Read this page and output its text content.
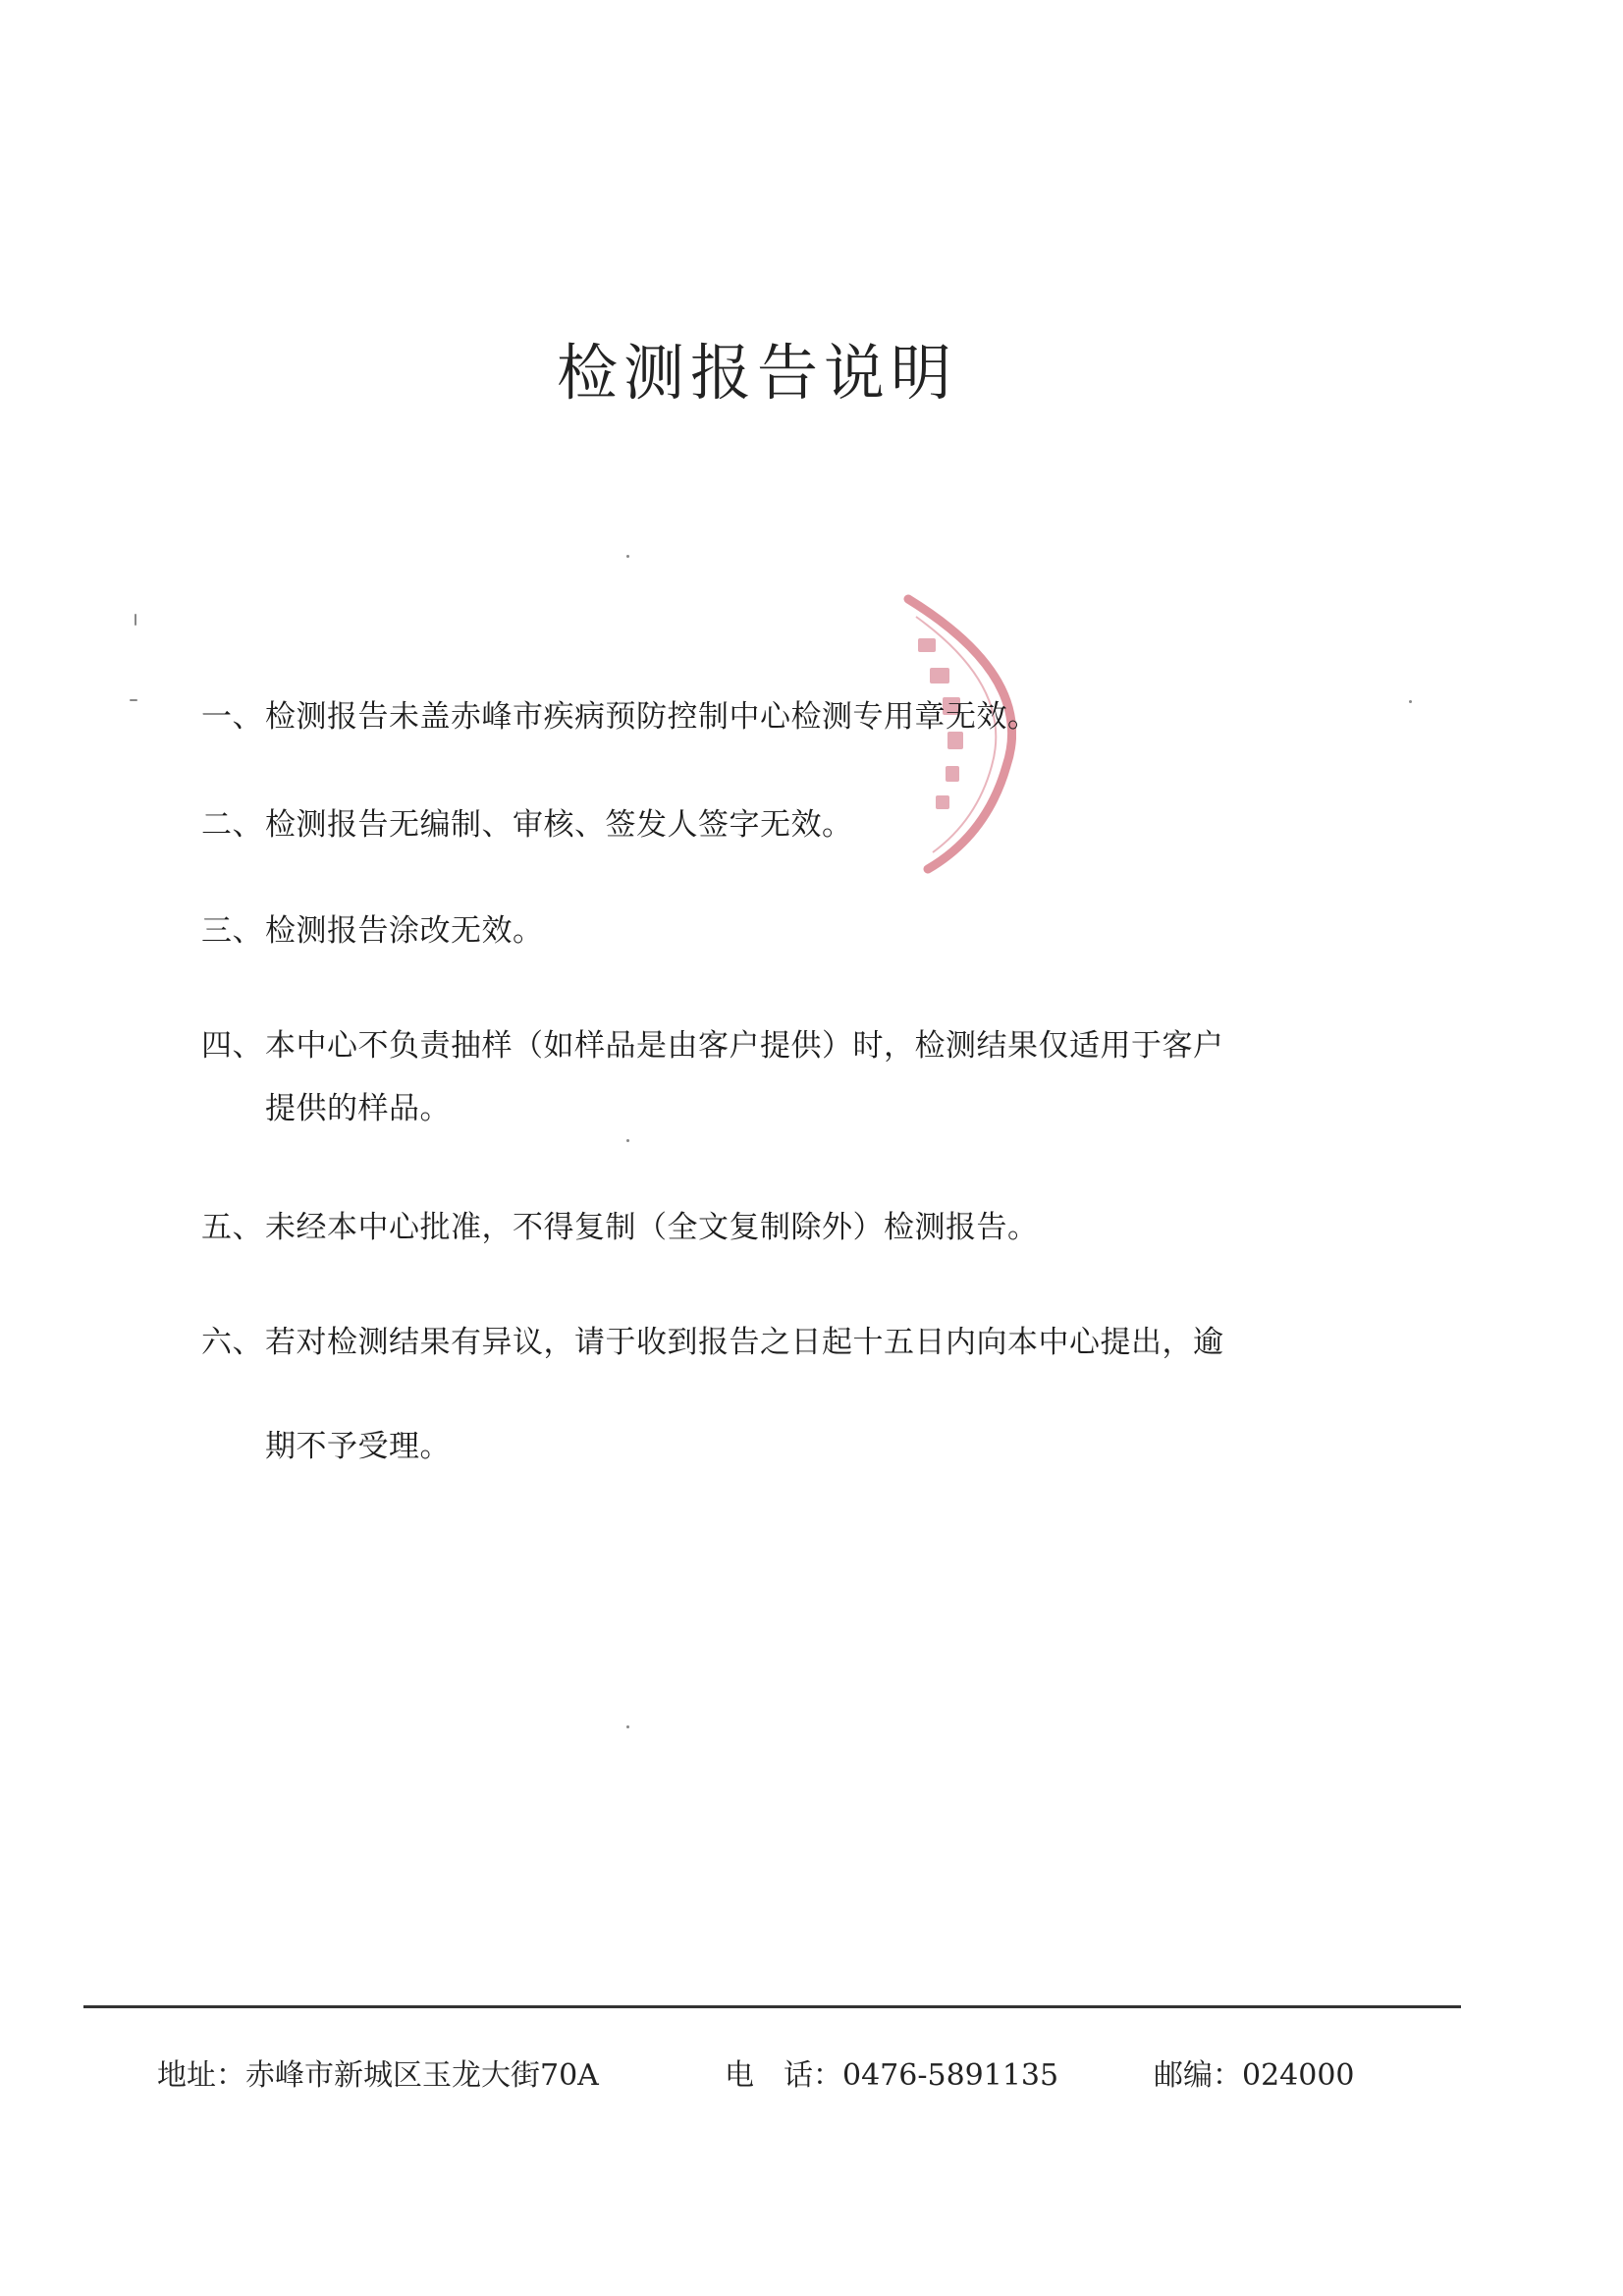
检测报告说明
一、检测报告未盖赤峰市疾病预防控制中心检测专用章无效。
二、检测报告无编制、审核、签发人签字无效。
三、检测报告涂改无效。
四、本中心不负责抽样（如样品是由客户提供）时，检测结果仅适用于客户
提供的样品。
五、未经本中心批准，不得复制（全文复制除外）检测报告。
六、若对检测结果有异议，请于收到报告之日起十五日内向本中心提出，逾
期不予受理。
地址：赤峰市新城区玉龙大街70A	电　话：0476-5891135	邮编：024000
